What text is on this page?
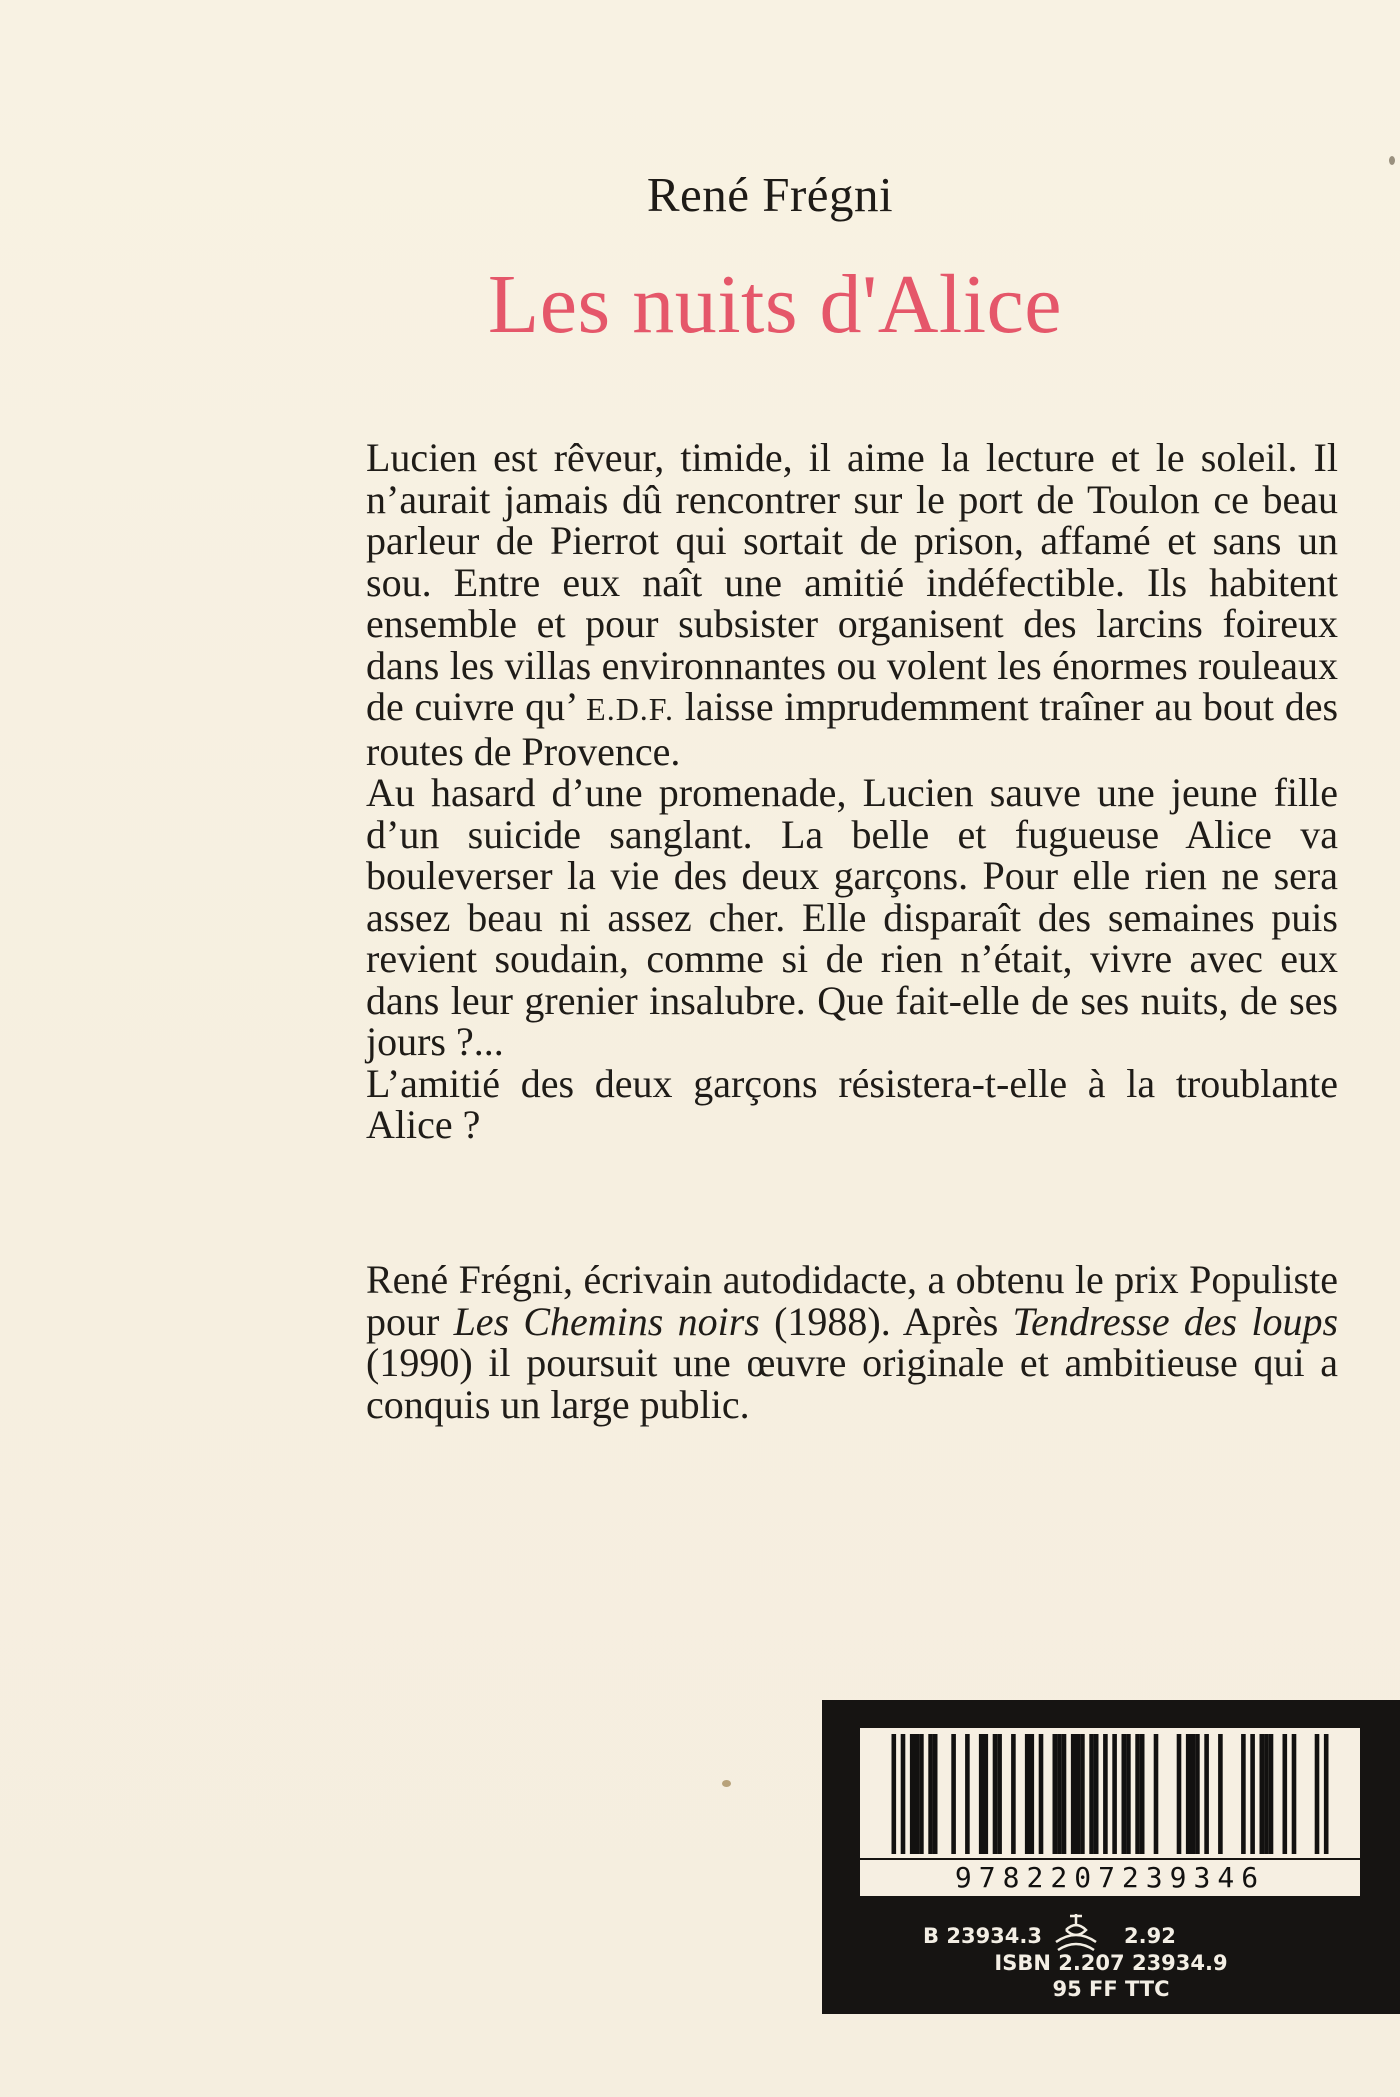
René Frégni
Les nuits d'Alice

Lucien est rêveur, timide, il aime la lecture et le soleil. Il n’aurait jamais dû rencontrer sur le port de Toulon ce beau parleur de Pierrot qui sortait de prison, affamé et sans un sou. Entre eux naît une amitié indéfectible. Ils habitent ensemble et pour subsister organisent des larcins foireux dans les villas environnantes ou volent les énormes rouleaux de cuivre qu’ E.D.F. laisse imprudemment traîner au bout des routes de Provence.

Au hasard d’une promenade, Lucien sauve une jeune fille d’un suicide sanglant. La belle et fugueuse Alice va bouleverser la vie des deux garçons. Pour elle rien ne sera assez beau ni assez cher. Elle disparaît des semaines puis revient soudain, comme si de rien n’était, vivre avec eux dans leur grenier insalubre. Que fait-elle de ses nuits, de ses jours ?...

L’amitié des deux garçons résistera-t-elle à la troublante Alice ?

René Frégni, écrivain autodidacte, a obtenu le prix Populiste pour Les Chemins noirs (1988). Après Tendresse des loups (1990) il poursuit une œuvre originale et ambitieuse qui a conquis un large public.

9782207239346
B 23934.3	2.92
ISBN 2.207 23934.9
95 FF TTC
